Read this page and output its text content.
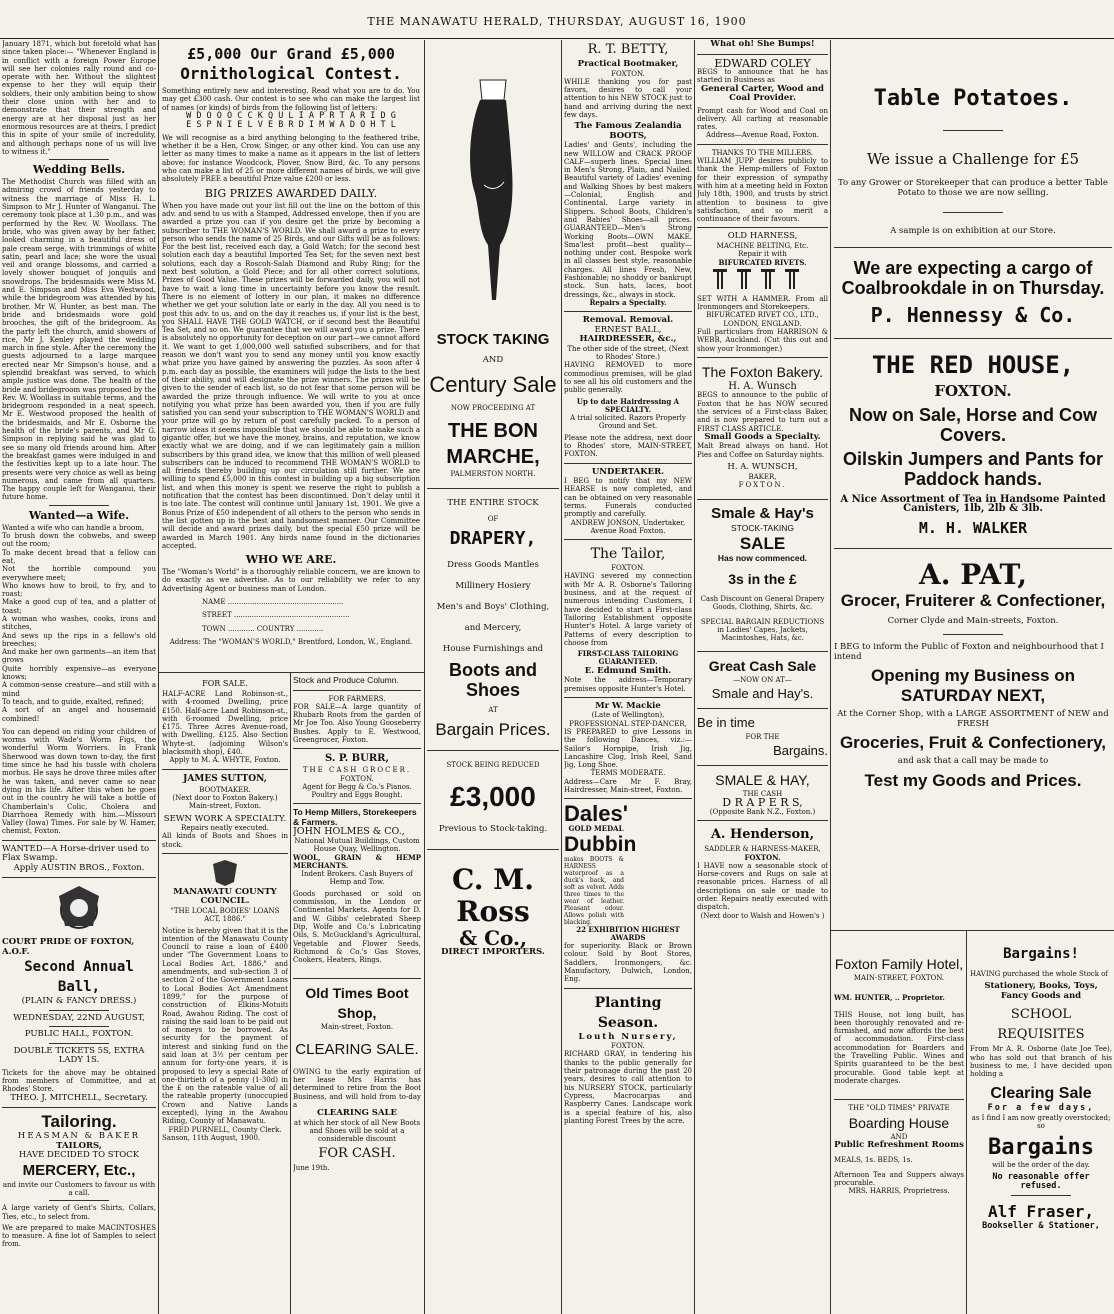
THE MANAWATU HERALD, THURSDAY, AUGUST 16, 1900

January 1871, which but foretold what has since taken place:— "Whenever England is in conflict with a foreign Power Europe will see her colonies rally round and co-operate with her. Without the slightest expense to her they will equip their soldiers, their only ambition being to show their close union with her and to demonstrate that their strength and energy are at her disposal just as her enormous resources are at theirs. I predict this in spite of your smile of incredulity, and although perhaps none of us will live to witness it."

Wedding Bells.

The Methodist Church was filled with an admiring crowd of friends yesterday to witness the marriage of Miss H. L. Simpson to Mr J. Hunter of Wanganui. The ceremony took place at 1.30 p.m., and was performed by the Rev. W. Woollass. The bride, who was given away by her father, looked charming in a beautiful dress of pale cream serge, with trimmings of white satin, pearl and lace; she wore the usual veil and orange blossoms, and carried a lovely shower bouquet of jonquils and snowdrops. The bridesmaids were Miss M. and E. Simpson and Miss Eva Westwood, while the bridegroom was attended by his brother, Mr W. Hunter, as best man. The bride and bridesmaids wore gold brooches, the gift of the bridegroom. As the party left the church, amid showers of rice, Mr J. Kenley played the wedding march in fine style. After the ceremony the guests adjourned to a large marquee erected near Mr Simpson's house, and a splendid breakfast was served, to which ample justice was done. The health of the bride and bridegroom was proposed by the Rev. W. Woollass in suitable terms, and the bridegroom responded in a neat speech. Mr E. Westwood proposed the health of the bridesmaids, and Mr E. Osborne the health of the bride's parents, and Mr G. Simpson in replying said he was glad to see so many old friends around him. After the breakfast games were indulged in and the festivities kept up to a late hour. The presents were very choice as well as being numerous, and came from all quarters. The happy couple left for Wanganui, their future home.

Wanted—a Wife.
Wanted a wife who can handle a broom,
To brush down the cobwebs, and sweep out the room;
To make decent bread that a fellow can eat,
Not the horrible compound you everywhere meet;
Who knows how to broil, to fry, and to roast;
Make a good cup of tea, and a platter of toast;
A woman who washes, cooks, irons and stitches,
And sews up the rips in a fellow's old breeches;
And make her own garments—an item that grows
Quite horribly expensive—as everyone knows;
A common-sense creature—and still with a mind
To teach, and to guide, exalted, refined;
A sort of an angel and housemaid combined!

You can depend on riding your children of worms with Wade's Worm Figs, the wonderful Worm Worriers. In Frank Sherwood was down town to-day, the first time since he had his tussle with cholera morbus. He says he drove three miles after he was taken, and never came so near dying in his life. After this when he goes out in the country he will take a bottle of Chamberlain's Colic, Cholera and Diarrhoea Remedy with him.—Missouri Valley (Iowa) Times. For sale by W. Hamer, chemist, Foxton.

WANTED—A Horse-driver used to Flax Swamp.

Apply AUSTIN BROS., Foxton.

COURT PRIDE OF FOXTON, A.O.F.

Second Annual Ball,

(PLAIN & FANCY DRESS.)

WEDNESDAY, 22ND AUGUST,

PUBLIC HALL, FOXTON.

DOUBLE TICKETS 5S, EXTRA LADY 1S.

Tickets for the above may be obtained from members of Committee, and at Rhodes' Store.

THEO. J. MITCHELL, Secretary.

Tailoring.

HEASMAN & BAKER

TAILORS,

HAVE DECIDED TO STOCK

MERCERY, Etc.,

and invite our Customers to favour us with a call.

A large variety of Gent's Shirts, Collars, Ties, etc., to select from.

We are prepared to make MACINTOSHES to measure. A fine lot of Samples to select from.

£5,000 Our Grand £5,000
Ornithological Contest.

Something entirely new and interesting. Read what you are to do. You may get £300 cash. Our contest is to see who can make the largest list of names (or kinds) of birds from the following list of letters:

W D O O O C C K Q U L I A P R T A R I D G

E S P N I E L V E B R D I M W A D O H T L

We will recognise as a bird anything belonging to the feathered tribe, whether it be a Hen, Crow, Singer, or any other kind. You can use any letter as many times to make a name as it appears in the list of letters above; for instance Woodcock, Plover, Snow Bird, &c. To any persons who can make a list of 25 or more different names of birds, we will give absolutely FREE a beautiful Prize value £200 or less.

BIG PRIZES AWARDED DAILY.

When you have made out your list fill out the line on the bottom of this adv. and send to us with a Stamped, Addressed envelope, then if you are awarded a prize you can if you desire get the prize by becoming a subscriber to THE WOMAN'S WORLD. We shall award a prize to every person who sends the name of 25 Birds, and our Gifts will be as follows: For the best list, received each day, a Gold Watch; for the second best solution each day a beautiful Imported Tea Set; for the seven next best solutions, each day a Roscoh-Salah Diamond and Ruby Ring; for the next best solution, a Gold Piece; and for all other correct solutions, Prizes of Good Value. These prizes will be forwarded daily, you will not have to wait a long time in uncertainty before you know the result. There is no element of lottery in our plan, it makes no difference whether we get your solution late or early in the day. All you need is to post this adv. to us, and on the day it reaches us, if your list is the best, you SHALL HAVE THE GOLD WATCH, or if second best the Beautiful Tea Set, and so on. We guarantee that we will award you a prize. There is absolutely no opportunity for deception on our part—we cannot afford it. We want to get 1,000,000 well satisfied subscribers, and for that reason we don't want you to send any money until you know exactly what prize you have gained by answering the puzzles. As soon after 4 p.m. each day as possible, the examiners will judge the lists to the best of their ability, and will designate the prize winners. The prizes will be given to the sender of each list, so do not fear that some person will be awarded the prize through influence. We will write to you at once notifying you what prize has been awarded you, then if you are fully satisfied you can send your subscription to THE WOMAN'S WORLD and your prize will go by return of post carefully packed. To a person of narrow ideas it seems impossible that we should be able to make such a gigantic offer, but we have the money, brains, and reputation, we know exactly what we are doing, and if we can legitimately gain a million subscribers by this grand idea, we know that this million of well pleased subscribers can be induced to recommend THE WOMAN'S WORLD to all friends thereby building up our circulation still further. We are willing to spend £5,000 in this contest in building up a big subscription list, and when this money is spent we reserve the right to publish a notification that the contest has been discontinued. Don't delay until it is too late. The contest will continue until January 1st, 1901. We give a Bonus Prize of £50 independent of all others to the person who sends in the list gotten up in the best and handsomest manner. Our Committee will decide and award prizes daily, but the special £50 prize will be awarded in March 1901. Any birds name found in the dictionaries accepted.

WHO WE ARE.

The "Woman's World" is a thoroughly reliable concern, we are known to do exactly as we advertise. As to our reliability we refer to any Advertising Agent or business man of London.

NAME ....................................................
STREET ....................................................
TOWN ............ COUNTRY ............

Address: The "WOMAN'S WORLD," Brentford, London, W., England.

FOR SALE.

HALF-ACRE Land Robinson-st., with 4-roomed Dwelling, price £150. Half-acre Land Robinson-st., with 6-roomed Dwelling, price £175. Three Acres Avenue-road, with Dwelling, £125. Also Section Whyte-st. (adjoining Wilson's blacksmith shop), £40.

Apply to M. A. WHYTE, Foxton.

JAMES SUTTON,

BOOTMAKER.

(Next door to Foxton Bakery.) Main-street, Foxton.

SEWN WORK A SPECIALTY.

Repairs neatly executed.

All kinds of Boots and Shoes in stock.

MANAWATU COUNTY COUNCIL.

"THE LOCAL BODIES' LOANS ACT, 1886."

Notice is hereby given that it is the intention of the Manawatu County Council to raise a loan of £400 under "The Government Loans to Local Bodies Act, 1886," and amendments, and sub-section 3 of section 2 of the Government Loans to Local Bodies Act Amendment 1899," for the purpose of construction of Elkins-Motuiti Road, Awahou Riding. The cost of raising the said loan to be paid out of moneys to be borrowed. As security for the payment of interest and sinking fund on the said loan at 3½ per centum per annum for forty-one years, it is proposed to levy a special Rate of one-thirtieth of a penny (1-30d) in the £ on the rateable value of all the rateable property (unoccupied Crown and Native Lands excepted), lying in the Awahou Riding, County of Manawatu.

FRED PURNELL, County Clerk.

Sanson, 11th August, 1900.

Stock and Produce Column.

FOR FARMERS.

FOR SALE—A large quantity of Rhubarb Roots from the garden of Mr Joe Too. Also Young Gooseberry Bushes. Apply to E. Westwood, Greengrocer, Foxton.

S. P. BURR,

THE CASH GROCER.

FOXTON.

Agent for Begg & Co.'s Pianos. Poultry and Eggs Bought.

To Hemp Millers, Storekeepers & Farmers.

JOHN HOLMES & CO.,

National Mutual Buildings, Custom House Quay, Wellington.

WOOL, GRAIN & HEMP MERCHANTS.

Indent Brokers. Cash Buyers of Hemp and Tow.

Goods purchased or sold on commission, in the London or Continental Markets. Agents for D. and W. Gibbs' celebrated Sheep Dip, Wolfe and Co.'s Lubricating Oils, S. McGuckland's Agricultural, Vegetable and Flower Seeds, Richmond & Co.'s Gas Stoves, Cookers, Heaters, Rings.

Old Times Boot Shop,

Main-street, Foxton.

CLEARING SALE.

OWING to the early expiration of her lease Mrs Harris has determined to retire from the Boot Business, and will hold from to-day a

CLEARING SALE

at which her stock of all New Boots and Shoes will be sold at a considerable discount

FOR CASH.

June 19th.

STOCK TAKING

AND

Century Sale

NOW PROCEEDING AT

THE BON MARCHE,

PALMERSTON NORTH.

THE ENTIRE STOCK

OF

DRAPERY,
Dress Goods Mantles
Millinery Hosiery
Men's and Boys' Clothing,
and Mercery,
House Furnishings and
Boots and Shoes

AT

Bargain Prices.

STOCK BEING REDUCED

£3,000

Previous to Stock-taking.

C. M. Ross
& Co.,

DIRECT IMPORTERS.

R. T. BETTY,

Practical Bootmaker,

FOXTON.

WHILE thanking you for past favors, desires to call your attention to his NEW STOCK just to hand and arriving during the next few days.

The Famous Zealandia BOOTS,

Ladies' and Gents', including the new WILLOW and CRACK PROOF CALF—superb lines. Special lines in Men's Strong, Plain, and Nailed. Beautiful variety of Ladies' evening and Walking Shoes by best makers—Colonial, English and Continental. Large variety in Slippers. School Boots, Children's and Babies' Shoes—all prices. GUARANTEED—Men's Strong Working Boots—OWN MAKE. Sma'lest profit—best quality—nothing under cost. Bespoke work in all classes best style, reasonable charges. All lines Fresh, New, Fashionable; no shoddy or bankrupt stock. Sun hats, laces, boot dressings, &c., always in stock.

Repairs a Specialty.

Removal. Removal.

ERNEST BALL,

HAIRDRESSER, &c.,

The other side of the street, (Next to Rhodes' Store.)

HAVING REMOVED to more commodious premises, will be glad to see all his old customers and the public generally.

Up to date Hairdressing A SPECIALTY.

A trial solicited. Razors Properly Ground and Set.

Please note the address, next door to Rhodes' store, MAIN-STREET, FOXTON.

UNDERTAKER.

I BEG to notify that my NEW HEARSE is now completed, and can be obtained on very reasonable terms. Funerals conducted promptly and carefully.

ANDREW JONSON, Undertaker, Avenue Road Foxton.

The Tailor,

FOXTON.

HAVING severed my connection with Mr A. R. Osborne's Tailoring business, and at the request of numerous intending Customers, I have decided to start a First-class Tailoring Establishment opposite Hunter's Hotel. A large variety of Patterns of every description to choose from

FIRST-CLASS TAILORING GUARANTEED.

E. Edmund Smith.

Note the address—Temporary premises opposite Hunter's Hotel.

Mr W. Mackie

(Late of Wellington),

PROFESSIONAL STEP-DANCER,

IS PREPARED to give Lessons in the following Dances, viz.:— Sailor's Hornpipe, Irish Jig, Lancashire Clog, Irish Reel, Sand Jig, Long Shoe.

TERMS MODERATE.

Address—Care Mr F. Bray, Hairdresser, Main-street, Foxton.

Dales'

GOLD MEDAL

Dubbin
makes BOOTS & HARNESS waterproof as a duck's back, and soft as velvet. Adds three times to the wear of leather. Pleasant odour. Allows polish with blacking.

22 EXHIBITION HIGHEST AWARDS

for superiority. Black or Brown colour. Sold by Boot Stores, Saddlers, Ironmongers, &c. Manufactory, Dulwich, London, Eng.

Planting Season.

Louth Nursery,

FOXTON.

RICHARD GRAY, in tendering his thanks to the public generally for their patronage during the past 20 years, desires to call attention to his NURSERY STOCK, particularly Cypress, Macrocarpas and Raspberry Canes. Landscape work is a special feature of his, also planting Forest Trees by the acre.

What oh! She Bumps!

EDWARD COLEY

BEGS to announce that he has started in Business as

General Carter, Wood and Coal Provider.

Prompt cash for Wood and Coal on delivery. All carting at reasonable rates.

Address—Avenue Road, Foxton.

THANKS TO THE MILLERS.

WILLIAM JUPP desires publicly to thank the Hemp-millers of Foxton for their expression of sympathy with him at a meeting held in Foxton July 18th, 1900, and trusts by strict attention to business to give satisfaction, and so merit a continuance of their favours.

OLD HARNESS,

MACHINE BELTING, Etc.

Repair it with

BIFURCATED RIVETS.

SET WITH A HAMMER. From all Ironmongers and Storekeepers.

BIFURCATED RIVET CO., LTD., LONDON, ENGLAND.

Full particulars from HARRISON & WEBB, Auckland. (Cut this out and show your Ironmonger.)

The Foxton Bakery.

H. A. Wunsch

BEGS to announce to the public of Foxton that he has NOW secured the services of a First-class Baker, and is now prepared to turn out a FIRST CLASS ARTICLE.

Small Goods a Specialty.

Malt Bread always on hand. Hot Pies and Coffee on Saturday nights.

H. A. WUNSCH,

BAKER,

FOXTON.

Smale & Hay's

STOCK-TAKING

SALE

Has now commenced.

3s in the £

Cash Discount on General Drapery Goods, Clothing, Shirts, &c.

SPECIAL BARGAIN REDUCTIONS in Ladies' Capes, Jackets, Macintoshes, Hats, &c.

Great Cash Sale

—NOW ON AT—

Smale and Hay's.
Be in time

FOR THE

Bargains.
SMALE & HAY,

THE CASH

D R A P E R S,

(Opposite Bank N.Z., Foxton.)

A. Henderson,

SADDLER & HARNESS-MAKER,

FOXTON.

I HAVE now a seasonable stock of Horse-covers and Rugs on sale at reasonable prices. Harness of all descriptions on sale or made to order. Repairs neatly executed with dispatch.

(Next door to Walsh and Howen's )

Table Potatoes.
We issue a Challenge for £5

To any Grower or Storekeeper that can produce a better Table Potato to those we are now selling.

A sample is on exhibition at our Store.

We are expecting a cargo of Coalbrookdale in on Thursday.
P. Hennessy & Co.
THE RED HOUSE,
FOXTON.
Now on Sale, Horse and Cow Covers.
Oilskin Jumpers and Pants for Paddock hands.

A Nice Assortment of Tea in Handsome Painted Canisters, 1lb, 2lb & 3lb.

M. H. WALKER
A. PAT,
Grocer, Fruiterer & Confectioner,

Corner Clyde and Main-streets, Foxton.

I BEG to inform the Public of Foxton and neighbourhood that I intend

Opening my Business on SATURDAY NEXT,

At the Corner Shop, with a LARGE ASSORTMENT of NEW and FRESH

Groceries, Fruit & Confectionery,

and ask that a call may be made to

Test my Goods and Prices.
Foxton Family Hotel,

MAIN-STREET, FOXTON.

WM. HUNTER, .. Proprietor.

THIS House, not long built, has been thoroughly renovated and re-furnished, and now affords the best of accommodation. First-class accommodation for Boarders and the Travelling Public. Wines and Spirits guaranteed to be the best procurable. Good table kept at moderate charges.

THE "OLD TIMES" PRIVATE

Boarding House

AND

Public Refreshment Rooms

MEALS, 1s. BEDS, 1s.

Afternoon Tea and Suppers always procurable.

MRS. HARRIS, Proprietress.

Bargains!

HAVING purchased the whole Stock of

Stationery, Books, Toys, Fancy Goods and

SCHOOL REQUISITES

From Mr A. R. Osborne (late Joe Tee), who has sold out that branch of his business to me, I have decided upon holding a

Clearing Sale

For a few days,

as I find I am now greatly overstocked; so

Bargains

will be the order of the day.

No reasonable offer refused.

Alf Fraser,

Bookseller & Stationer,
